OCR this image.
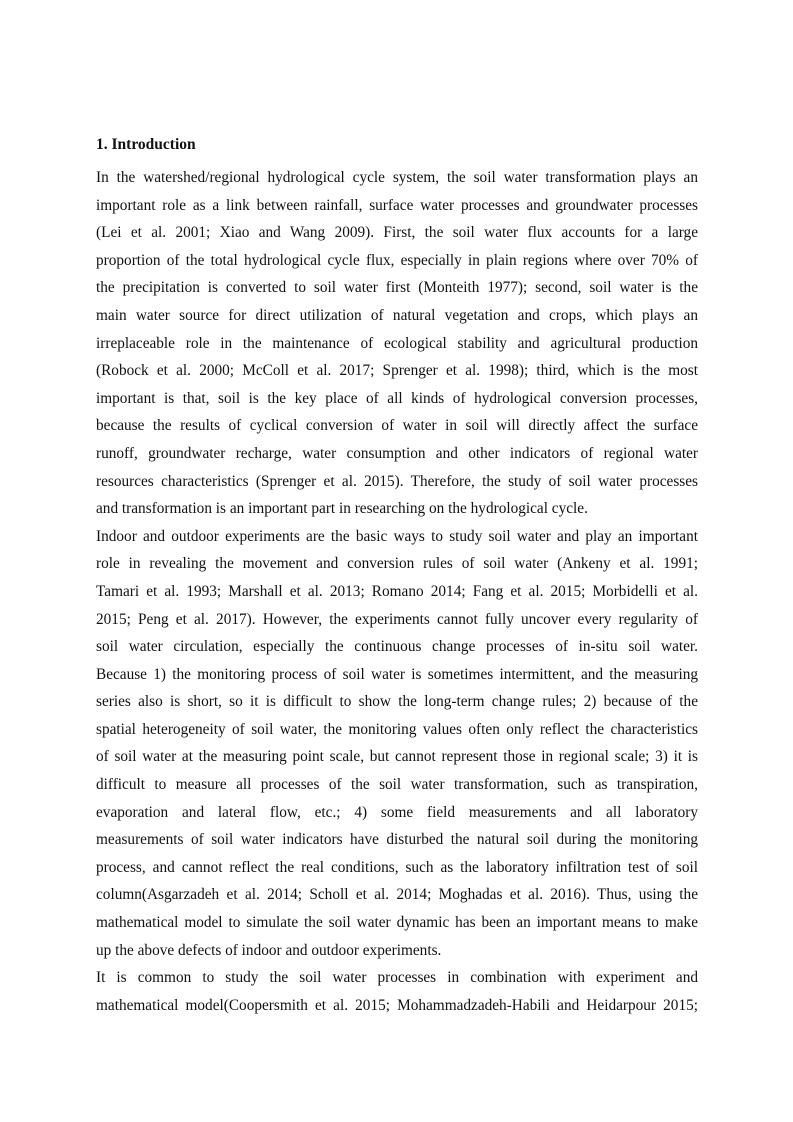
1. Introduction
In the watershed/regional hydrological cycle system, the soil water transformation plays an
important role as a link between rainfall, surface water processes and groundwater processes
(Lei et al. 2001; Xiao and Wang 2009). First, the soil water flux accounts for a large
proportion of the total hydrological cycle flux, especially in plain regions where over 70% of
the precipitation is converted to soil water first (Monteith 1977); second, soil water is the
main water source for direct utilization of natural vegetation and crops, which plays an
irreplaceable role in the maintenance of ecological stability and agricultural production
(Robock et al. 2000; McColl et al. 2017; Sprenger et al. 1998); third, which is the most
important is that, soil is the key place of all kinds of hydrological conversion processes,
because the results of cyclical conversion of water in soil will directly affect the surface
runoff, groundwater recharge, water consumption and other indicators of regional water
resources characteristics (Sprenger et al. 2015). Therefore, the study of soil water processes
and transformation is an important part in researching on the hydrological cycle.
Indoor and outdoor experiments are the basic ways to study soil water and play an important
role in revealing the movement and conversion rules of soil water (Ankeny et al. 1991;
Tamari et al. 1993; Marshall et al. 2013; Romano 2014; Fang et al. 2015; Morbidelli et al.
2015; Peng et al. 2017). However, the experiments cannot fully uncover every regularity of
soil water circulation, especially the continuous change processes of in-situ soil water.
Because 1) the monitoring process of soil water is sometimes intermittent, and the measuring
series also is short, so it is difficult to show the long-term change rules; 2) because of the
spatial heterogeneity of soil water, the monitoring values often only reflect the characteristics
of soil water at the measuring point scale, but cannot represent those in regional scale; 3) it is
difficult to measure all processes of the soil water transformation, such as transpiration,
evaporation and lateral flow, etc.; 4) some field measurements and all laboratory
measurements of soil water indicators have disturbed the natural soil during the monitoring
process, and cannot reflect the real conditions, such as the laboratory infiltration test of soil
column(Asgarzadeh et al. 2014; Scholl et al. 2014; Moghadas et al. 2016). Thus, using the
mathematical model to simulate the soil water dynamic has been an important means to make
up the above defects of indoor and outdoor experiments.
It is common to study the soil water processes in combination with experiment and
mathematical model(Coopersmith et al. 2015; Mohammadzadeh-Habili and Heidarpour 2015;
